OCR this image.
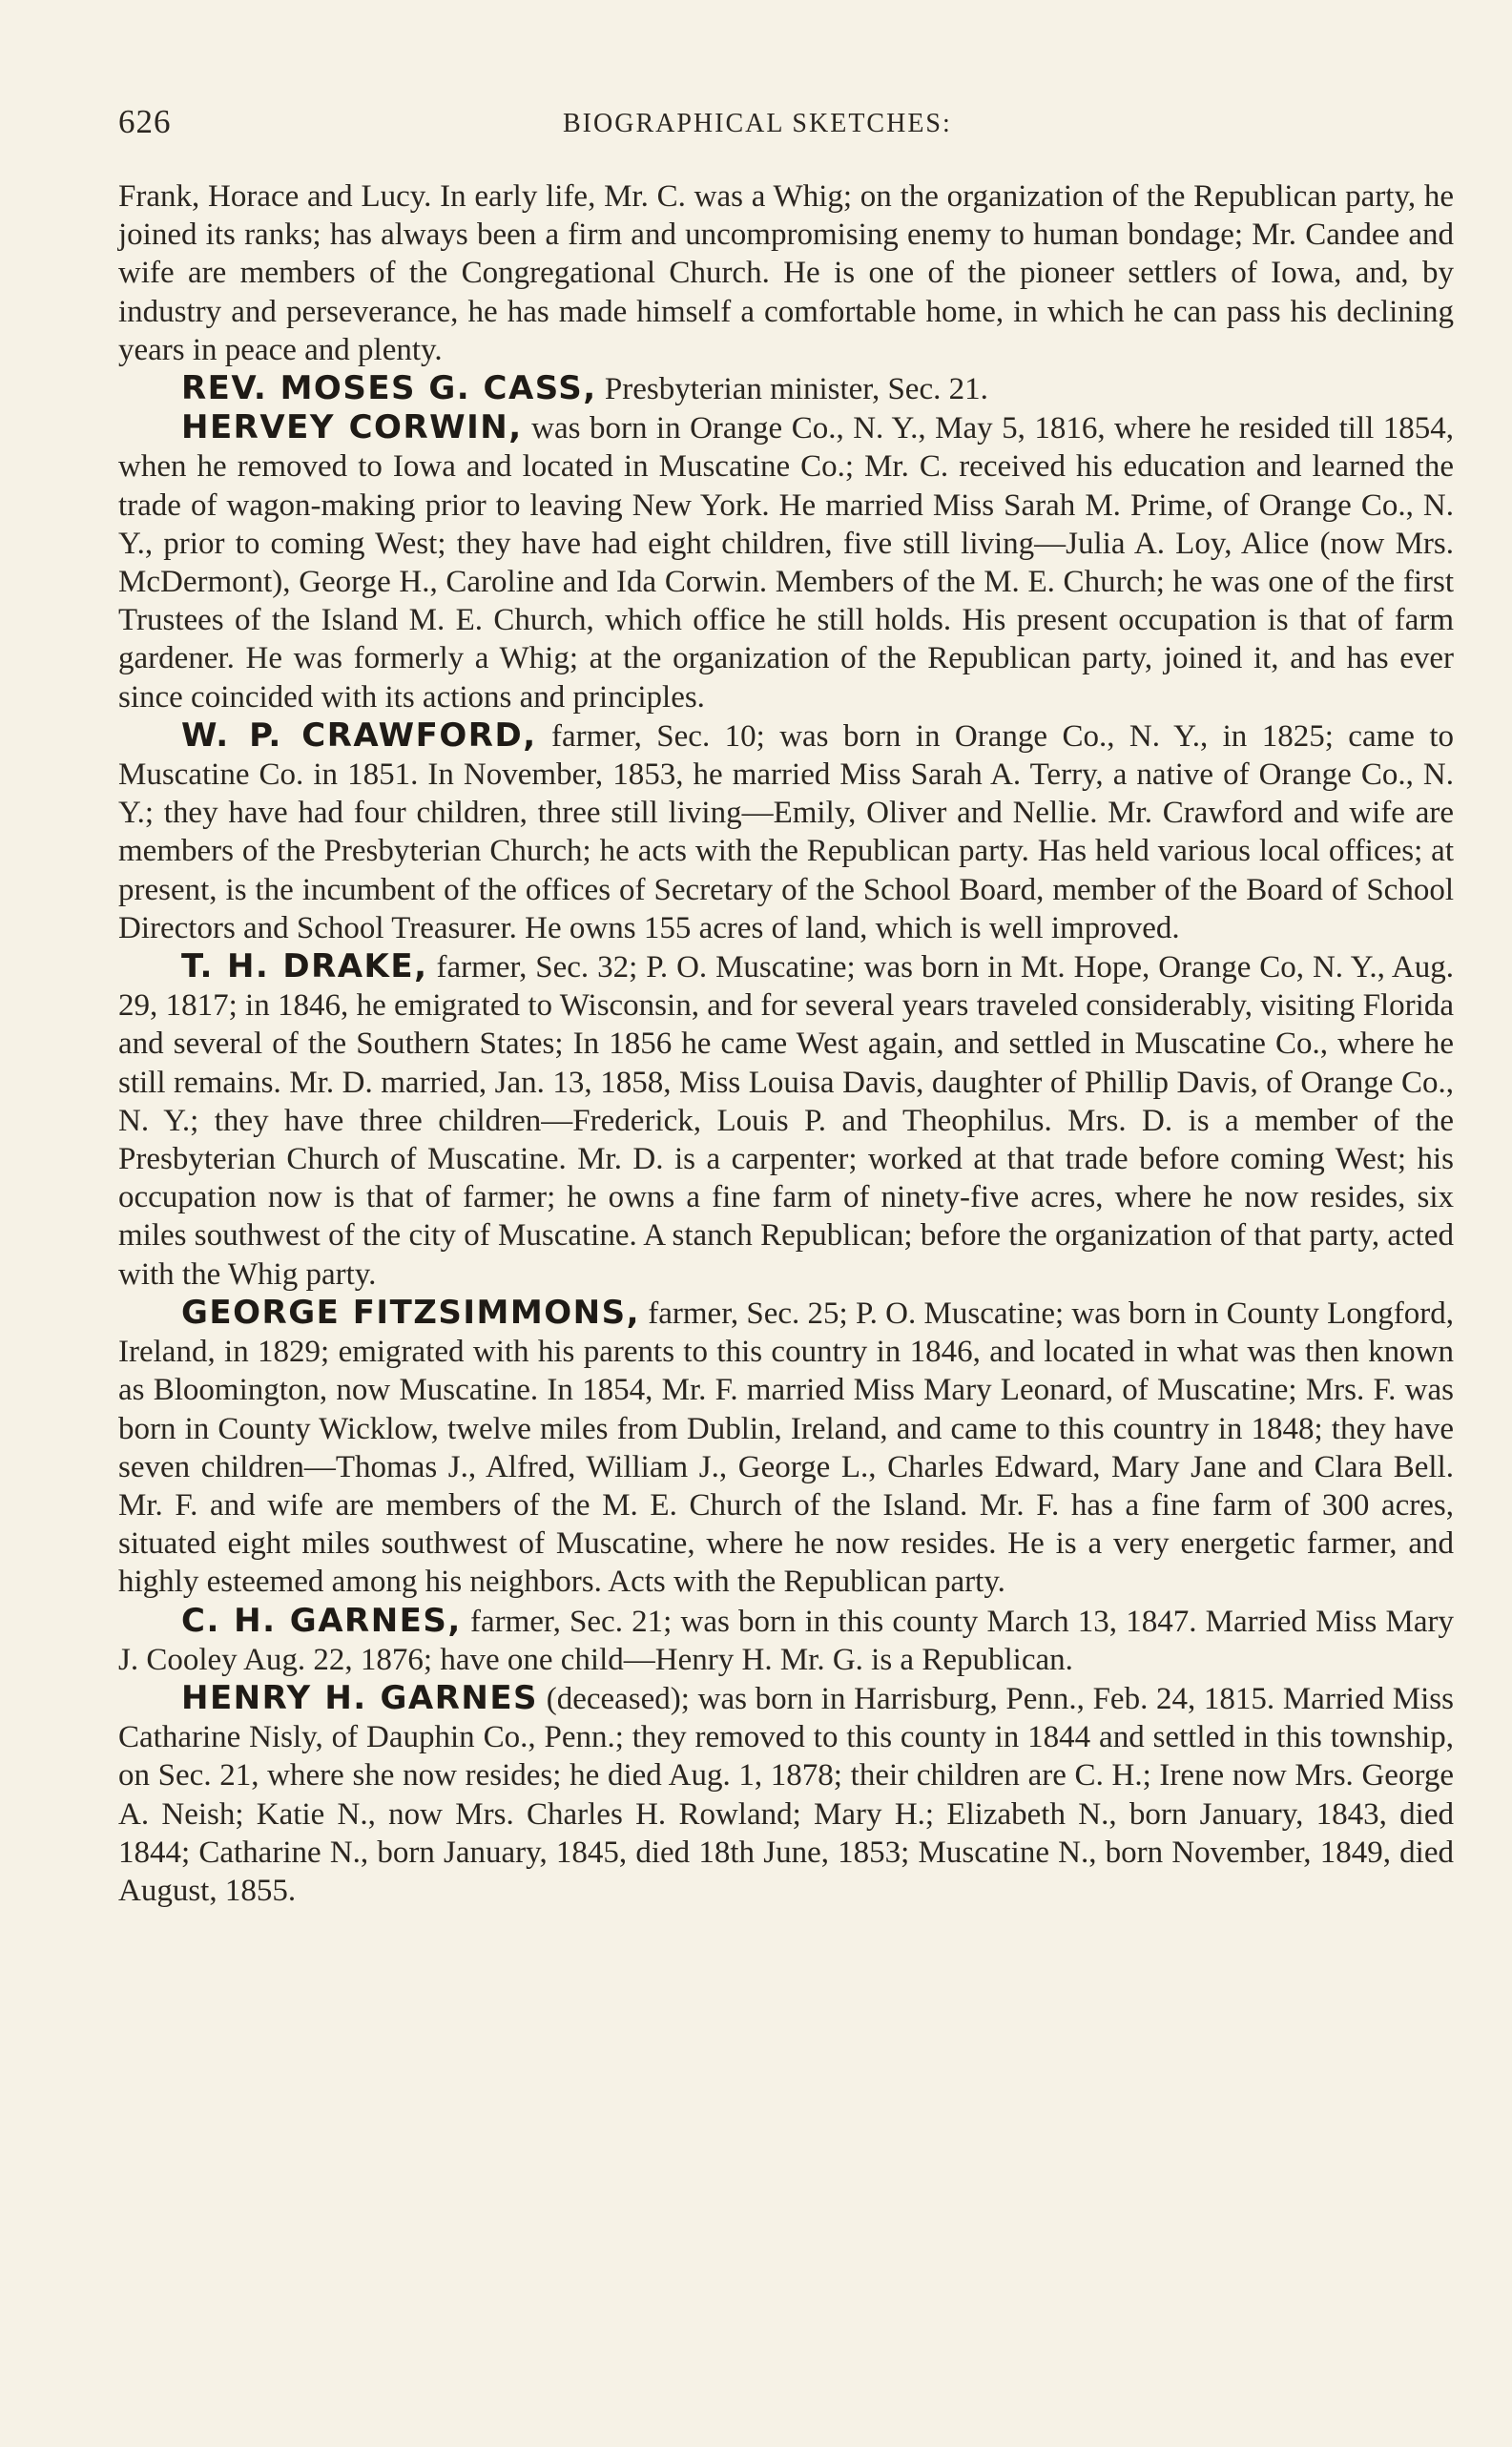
626	BIOGRAPHICAL SKETCHES:

Frank, Horace and Lucy. In early life, Mr. C. was a Whig; on the organization of the Republican party, he joined its ranks; has always been a firm and uncompromising enemy to human bondage; Mr. Candee and wife are members of the Congregational Church. He is one of the pioneer settlers of Iowa, and, by industry and perseverance, he has made himself a comfortable home, in which he can pass his declining years in peace and plenty.

REV. MOSES G. CASS, Presbyterian minister, Sec. 21.

HERVEY CORWIN, was born in Orange Co., N. Y., May 5, 1816, where he resided till 1854, when he removed to Iowa and located in Muscatine Co.; Mr. C. received his education and learned the trade of wagon-making prior to leaving New York. He married Miss Sarah M. Prime, of Orange Co., N. Y., prior to coming West; they have had eight children, five still living—Julia A. Loy, Alice (now Mrs. McDermont), George H., Caroline and Ida Corwin. Members of the M. E. Church; he was one of the first Trustees of the Island M. E. Church, which office he still holds. His present occupation is that of farm gardener. He was formerly a Whig; at the organization of the Republican party, joined it, and has ever since coincided with its actions and principles.

W. P. CRAWFORD, farmer, Sec. 10; was born in Orange Co., N. Y., in 1825; came to Muscatine Co. in 1851. In November, 1853, he married Miss Sarah A. Terry, a native of Orange Co., N. Y.; they have had four children, three still living—Emily, Oliver and Nellie. Mr. Crawford and wife are members of the Presbyterian Church; he acts with the Republican party. Has held various local offices; at present, is the incumbent of the offices of Secretary of the School Board, member of the Board of School Directors and School Treasurer. He owns 155 acres of land, which is well improved.

T. H. DRAKE, farmer, Sec. 32; P. O. Muscatine; was born in Mt. Hope, Orange Co, N. Y., Aug. 29, 1817; in 1846, he emigrated to Wisconsin, and for several years traveled considerably, visiting Florida and several of the Southern States; In 1856 he came West again, and settled in Muscatine Co., where he still remains. Mr. D. married, Jan. 13, 1858, Miss Louisa Davis, daughter of Phillip Davis, of Orange Co., N. Y.; they have three children—Frederick, Louis P. and Theophilus. Mrs. D. is a member of the Presbyterian Church of Muscatine. Mr. D. is a carpenter; worked at that trade before coming West; his occupation now is that of farmer; he owns a fine farm of ninety-five acres, where he now resides, six miles southwest of the city of Muscatine. A stanch Republican; before the organization of that party, acted with the Whig party.

GEORGE FITZSIMMONS, farmer, Sec. 25; P. O. Muscatine; was born in County Longford, Ireland, in 1829; emigrated with his parents to this country in 1846, and located in what was then known as Bloomington, now Muscatine. In 1854, Mr. F. married Miss Mary Leonard, of Muscatine; Mrs. F. was born in County Wicklow, twelve miles from Dublin, Ireland, and came to this country in 1848; they have seven children—Thomas J., Alfred, William J., George L., Charles Edward, Mary Jane and Clara Bell. Mr. F. and wife are members of the M. E. Church of the Island. Mr. F. has a fine farm of 300 acres, situated eight miles southwest of Muscatine, where he now resides. He is a very energetic farmer, and highly esteemed among his neighbors. Acts with the Republican party.

C. H. GARNES, farmer, Sec. 21; was born in this county March 13, 1847. Married Miss Mary J. Cooley Aug. 22, 1876; have one child—Henry H. Mr. G. is a Republican.

HENRY H. GARNES (deceased); was born in Harrisburg, Penn., Feb. 24, 1815. Married Miss Catharine Nisly, of Dauphin Co., Penn.; they removed to this county in 1844 and settled in this township, on Sec. 21, where she now resides; he died Aug. 1, 1878; their children are C. H.; Irene now Mrs. George A. Neish; Katie N., now Mrs. Charles H. Rowland; Mary H.; Elizabeth N., born January, 1843, died 1844; Catharine N., born January, 1845, died 18th June, 1853; Muscatine N., born November, 1849, died August, 1855.
